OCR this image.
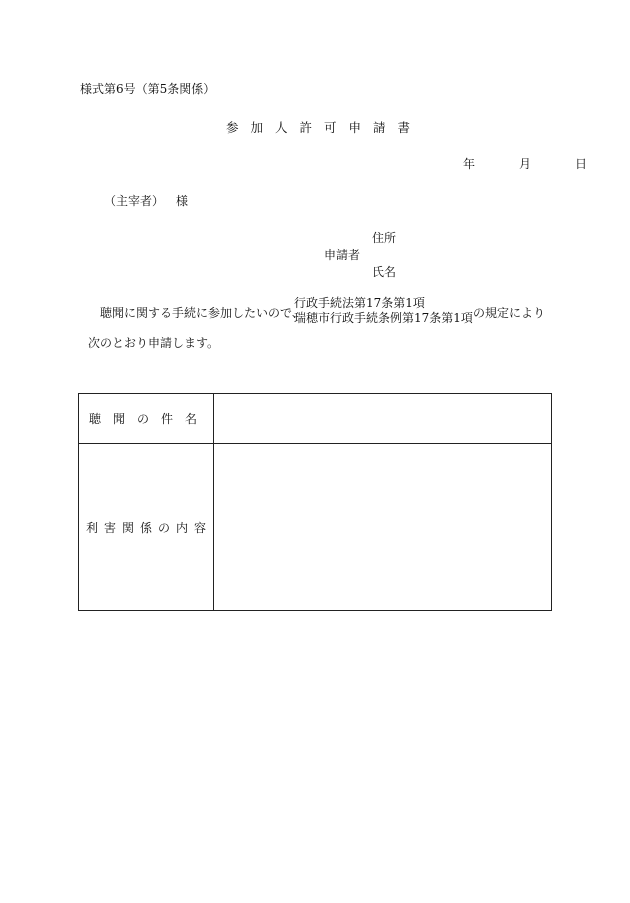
様式第6号（第5条関係）
参加人許可申請書
年	月	日
（主宰者） 様
住所
申請者
氏名
聴聞に関する手続に参加したいので、
行政手続法第17条第1項
瑞穂市行政手続条例第17条第1項 の規定により
次のとおり申請します。
聴聞の件名	
利害関係の内容	
